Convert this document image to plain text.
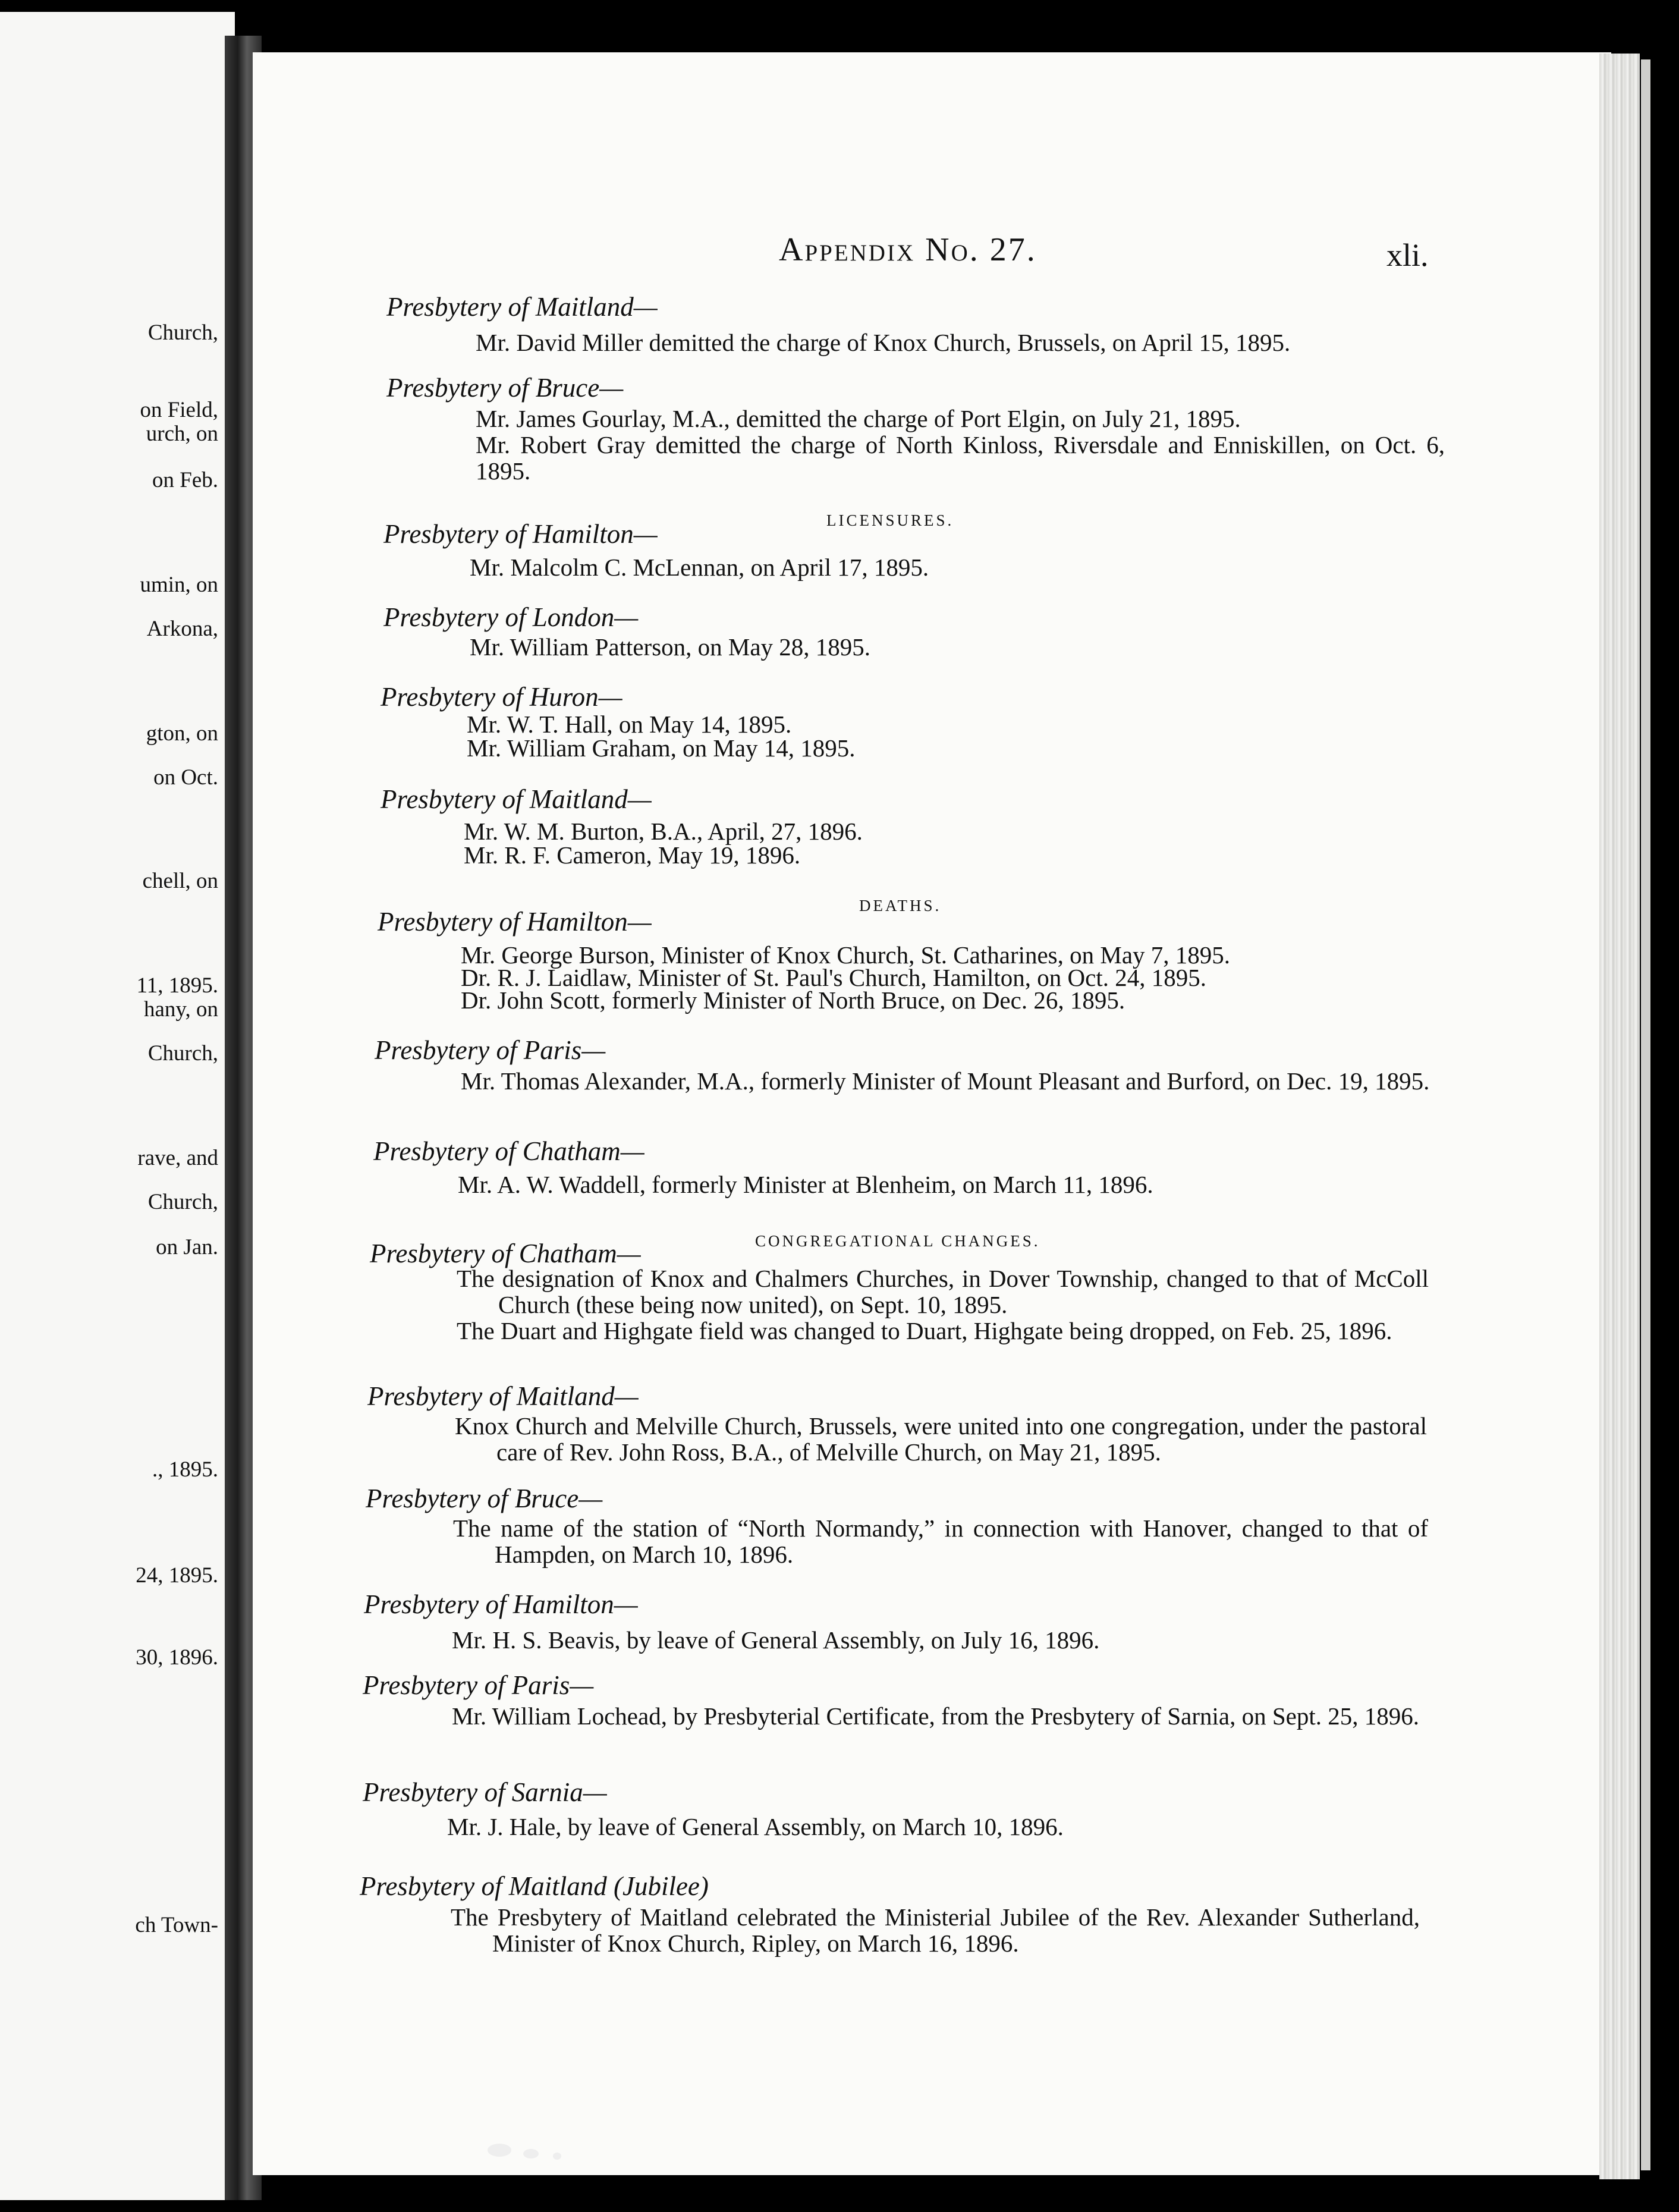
Church,
on Field,
urch, on
on Feb.
umin, on
Arkona,
gton, on
on Oct.
chell, on
11, 1895.
hany, on
Church,
rave, and
Church,
on Jan.
., 1895.
24, 1895.
30, 1896.
ch Town-
Appendix No. 27.	xli.
Presbytery of Maitland—
Mr. David Miller demitted the charge of Knox Church, Brussels, on April 15, 1895.
Presbytery of Bruce—
Mr. James Gourlay, M.A., demitted the charge of Port Elgin, on July 21, 1895.
Mr. Robert Gray demitted the charge of North Kinloss, Riversdale and Enniskillen, on Oct. 6, 1895.
LICENSURES.
Presbytery of Hamilton—
Mr. Malcolm C. McLennan, on April 17, 1895.
Presbytery of London—
Mr. William Patterson, on May 28, 1895.
Presbytery of Huron—
Mr. W. T. Hall, on May 14, 1895.
Mr. William Graham, on May 14, 1895.
Presbytery of Maitland—
Mr. W. M. Burton, B.A., April, 27, 1896.
Mr. R. F. Cameron, May 19, 1896.
DEATHS.
Presbytery of Hamilton—
Mr. George Burson, Minister of Knox Church, St. Catharines, on May 7, 1895.
Dr. R. J. Laidlaw, Minister of St. Paul's Church, Hamilton, on Oct. 24, 1895.
Dr. John Scott, formerly Minister of North Bruce, on Dec. 26, 1895.
Presbytery of Paris—
Mr. Thomas Alexander, M.A., formerly Minister of Mount Pleasant and Burford, on Dec. 19, 1895.
Presbytery of Chatham—
Mr. A. W. Waddell, formerly Minister at Blenheim, on March 11, 1896.
CONGREGATIONAL CHANGES.
Presbytery of Chatham—
The designation of Knox and Chalmers Churches, in Dover Township, changed to that of McColl Church (these being now united), on Sept. 10, 1895.
The Duart and Highgate field was changed to Duart, Highgate being dropped, on Feb. 25, 1896.
Presbytery of Maitland—
Knox Church and Melville Church, Brussels, were united into one congregation, under the pastoral care of Rev. John Ross, B.A., of Melville Church, on May 21, 1895.
Presbytery of Bruce—
The name of the station of “North Normandy,” in connection with Hanover, changed to that of Hampden, on March 10, 1896.
Presbytery of Hamilton—
Mr. H. S. Beavis, by leave of General Assembly, on July 16, 1896.
Presbytery of Paris—
Mr. William Lochead, by Presbyterial Certificate, from the Presbytery of Sarnia, on Sept. 25, 1896.
Presbytery of Sarnia—
Mr. J. Hale, by leave of General Assembly, on March 10, 1896.
Presbytery of Maitland (Jubilee)
The Presbytery of Maitland celebrated the Ministerial Jubilee of the Rev. Alexander Sutherland, Minister of Knox Church, Ripley, on March 16, 1896.
